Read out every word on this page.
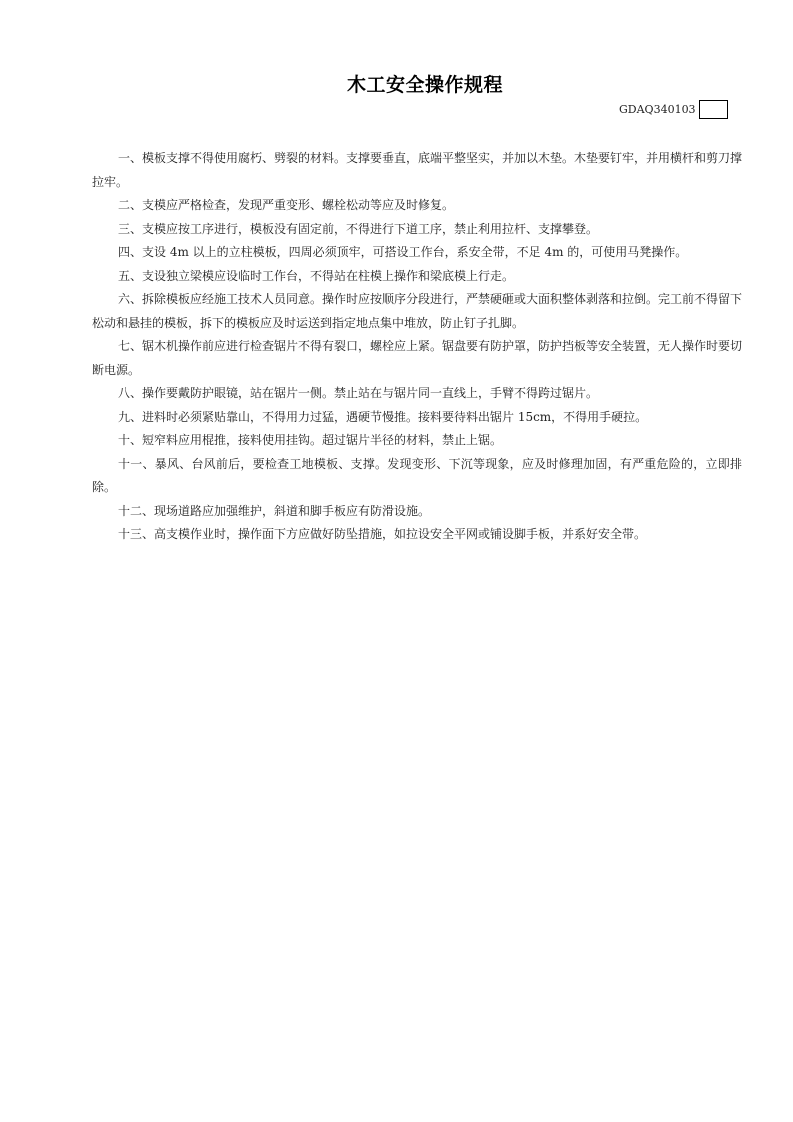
木工安全操作规程
GDAQ340103

一、模板支撑不得使用腐朽、劈裂的材料。支撑要垂直，底端平整坚实，并加以木垫。木垫要钉牢，并用横杆和剪刀撑拉牢。

二、支模应严格检查，发现严重变形、螺栓松动等应及时修复。

三、支模应按工序进行，模板没有固定前，不得进行下道工序，禁止利用拉杆、支撑攀登。

四、支设 4m 以上的立柱模板，四周必须顶牢，可搭设工作台，系安全带，不足 4m 的，可使用马凳操作。

五、支设独立梁模应设临时工作台，不得站在柱模上操作和梁底模上行走。

六、拆除模板应经施工技术人员同意。操作时应按顺序分段进行，严禁硬砸或大面积整体剥落和拉倒。完工前不得留下松动和悬挂的模板，拆下的模板应及时运送到指定地点集中堆放，防止钉子扎脚。

七、锯木机操作前应进行检查锯片不得有裂口，螺栓应上紧。锯盘要有防护罩，防护挡板等安全装置，无人操作时要切断电源。

八、操作要戴防护眼镜，站在锯片一侧。禁止站在与锯片同一直线上，手臂不得跨过锯片。

九、进料时必须紧贴靠山，不得用力过猛，遇硬节慢推。接料要待料出锯片 15cm，不得用手硬拉。

十、短窄料应用棍推，接料使用挂钩。超过锯片半径的材料，禁止上锯。

十一、暴风、台风前后，要检查工地模板、支撑。发现变形、下沉等现象，应及时修理加固，有严重危险的，立即排除。

十二、现场道路应加强维护，斜道和脚手板应有防滑设施。

十三、高支模作业时，操作面下方应做好防坠措施，如拉设安全平网或铺设脚手板，并系好安全带。
